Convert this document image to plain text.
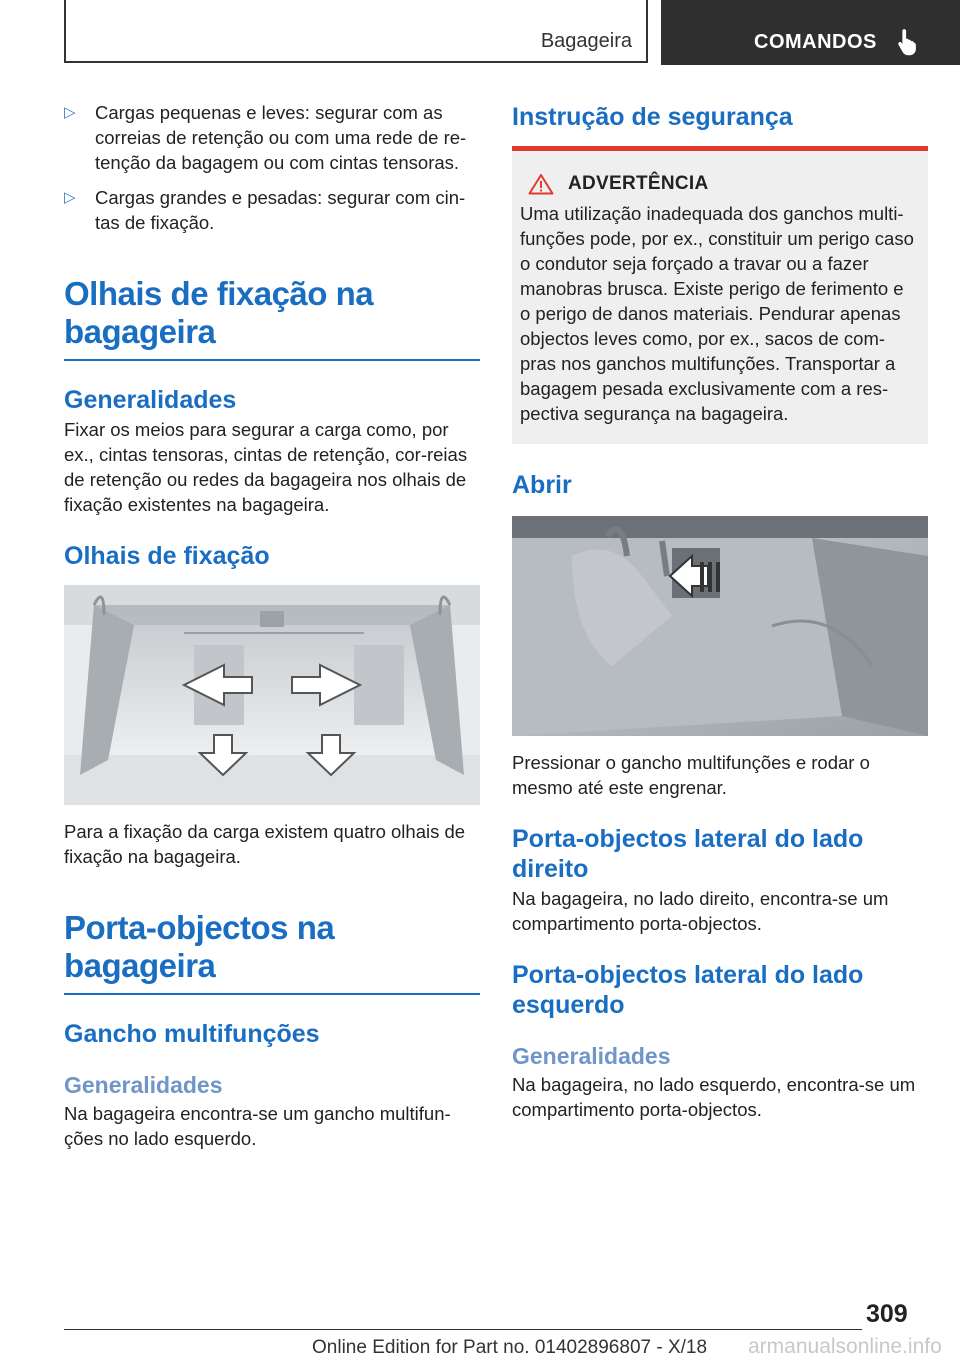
Bagageira	COMANDOS
▷ Cargas pequenas e leves: segurar com as correias de retenção ou com uma rede de re‐tenção da bagagem ou com cintas tensoras.
▷ Cargas grandes e pesadas: segurar com cin‐tas de fixação.
Olhais de fixação na bagageira
Generalidades

Fixar os meios para segurar a carga como, por ex., cintas tensoras, cintas de retenção, cor‐reias de retenção ou redes da bagageira nos olhais de fixação existentes na bagageira.

Olhais de fixação

Para a fixação da carga existem quatro olhais de fixação na bagageira.

Porta-objectos na bagageira
Gancho multifunções
Generalidades

Na bagageira encontra-se um gancho multifun‐ções no lado esquerdo.

Instrução de segurança
ADVERTÊNCIA

Uma utilização inadequada dos ganchos multi‐funções pode, por ex., constituir um perigo caso o condutor seja forçado a travar ou a fazer manobras brusca. Existe perigo de ferimento e o perigo de danos materiais. Pendurar apenas objectos leves como, por ex., sacos de com‐pras nos ganchos multifunções. Transportar a bagagem pesada exclusivamente com a res‐pectiva segurança na bagageira.

Abrir

Pressionar o gancho multifunções e rodar o mesmo até este engrenar.

Porta-objectos lateral do lado direito

Na bagageira, no lado direito, encontra-se um compartimento porta-objectos.

Porta-objectos lateral do lado esquerdo
Generalidades

Na bagageira, no lado esquerdo, encontra-se um compartimento porta-objectos.

309
Online Edition for Part no. 01402896807 - X/18 armanualsonline.info
